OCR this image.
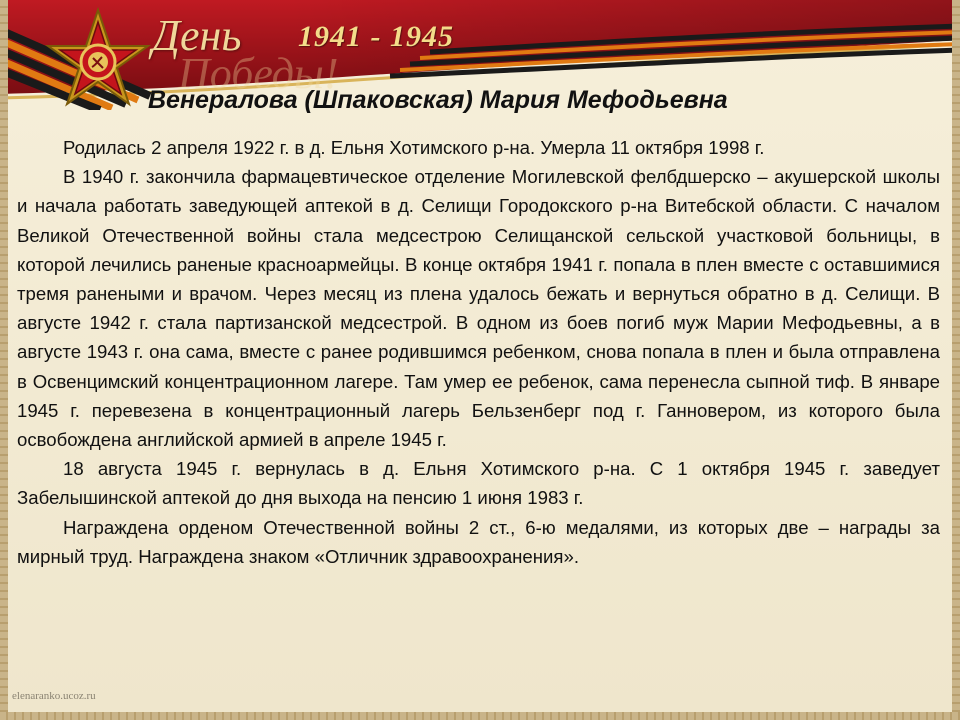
День
Победы!
1941 - 1945
Венералова (Шпаковская) Мария Мефодьевна

Родилась 2 апреля 1922 г. в д. Ельня Хотимского р-на. Умерла 11 октября 1998 г.

В 1940 г. закончила фармацевтическое отделение Могилевской фелбдшерско – акушерской школы и начала работать заведующей аптекой в д. Селищи Городокского р-на Витебской области. С началом Великой Отечественной войны стала медсестрою Селищанской сельской участковой больницы, в которой лечились раненые красноармейцы. В конце октября 1941 г. попала в плен вместе с оставшимися тремя ранеными и врачом. Через месяц из плена удалось бежать и вернуться обратно в д. Селищи. В августе 1942 г. стала партизанской медсестрой. В одном из боев погиб муж Марии Мефодьевны, а в августе 1943 г. она сама, вместе с ранее родившимся ребенком, снова попала в плен и была отправлена в Освенцимский концентрационном лагере. Там умер ее ребенок, сама перенесла сыпной тиф. В январе 1945 г. перевезена в концентрационный лагерь Бельзенберг под г. Ганновером, из которого была освобождена английской армией в апреле 1945 г.

18 августа 1945 г. вернулась в д. Ельня Хотимского р-на. С 1 октября 1945 г. заведует Забелышинской аптекой до дня выхода на пенсию 1 июня 1983 г.

Награждена орденом Отечественной войны 2 ст., 6-ю медалями, из которых две – награды за мирный труд. Награждена знаком «Отличник здравоохранения».

elenaranko.ucoz.ru
